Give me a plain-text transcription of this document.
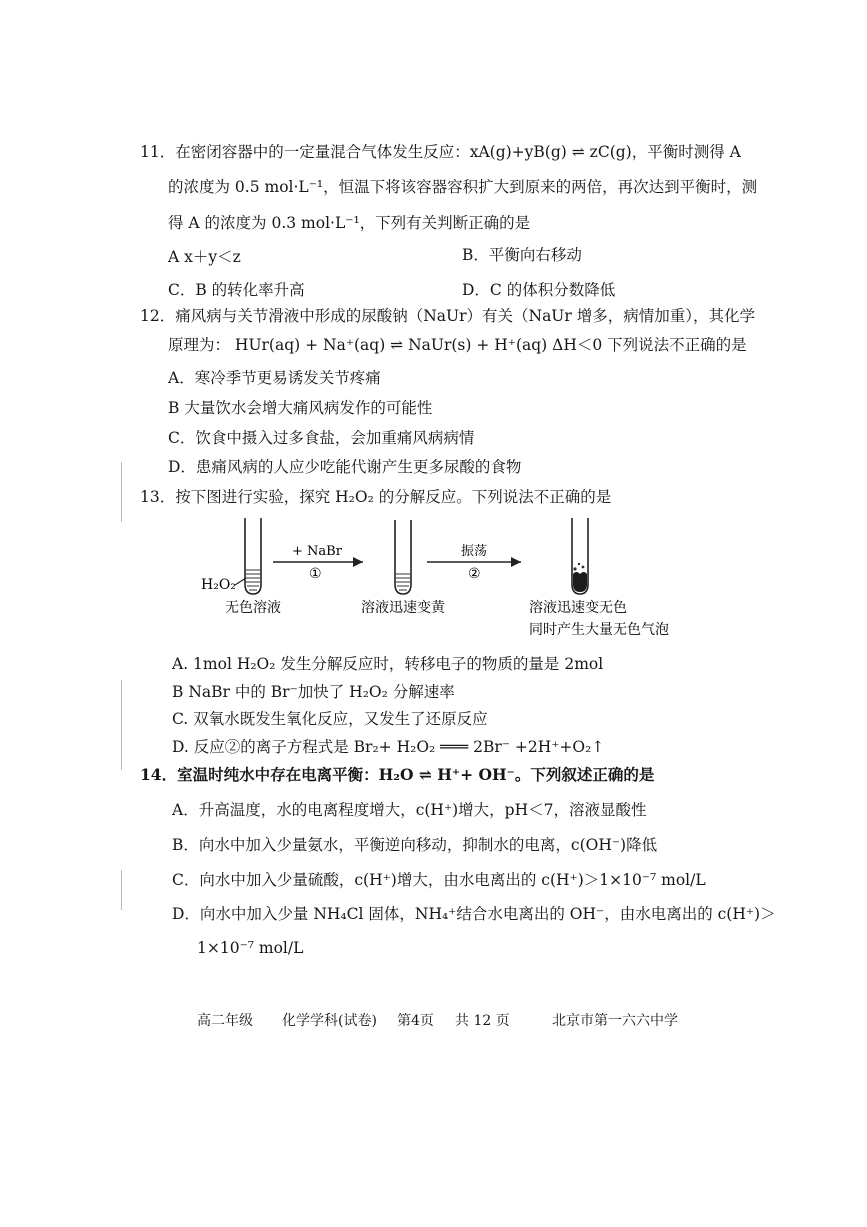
11．在密闭容器中的一定量混合气体发生反应：xA(g)+yB(g) ⇌ zC(g)，平衡时测得 A
的浓度为 0.5 mol·L⁻¹，恒温下将该容器容积扩大到原来的两倍，再次达到平衡时，测
得 A 的浓度为 0.3 mol·L⁻¹，下列有关判断正确的是
A x＋y＜z	B．平衡向右移动
C．B 的转化率升高	D．C 的体积分数降低
12．痛风病与关节滑液中形成的尿酸钠（NaUr）有关（NaUr 增多，病情加重），其化学
原理为： HUr(aq) + Na⁺(aq) ⇌ NaUr(s) + H⁺(aq) ΔH＜0 下列说法不正确的是
A．寒冷季节更易诱发关节疼痛
B 大量饮水会增大痛风病发作的可能性
C．饮食中摄入过多食盐，会加重痛风病病情
D．患痛风病的人应少吃能代谢产生更多尿酸的食物
13．按下图进行实验，探究 H₂O₂ 的分解反应。下列说法不正确的是
H₂O₂
无色溶液
+ NaBr
①
溶液迅速变黄
振荡
②
溶液迅速变无色
同时产生大量无色气泡
A. 1mol H₂O₂ 发生分解反应时，转移电子的物质的量是 2mol
B NaBr 中的 Br⁻加快了 H₂O₂ 分解速率
C. 双氧水既发生氧化反应，又发生了还原反应
D. 反应②的离子方程式是 Br₂+ H₂O₂ ═══ 2Br⁻ +2H⁺+O₂↑
14．室温时纯水中存在电离平衡：H₂O ⇌ H⁺+ OH⁻。下列叙述正确的是
A．升高温度，水的电离程度增大，c(H⁺)增大，pH＜7，溶液显酸性
B．向水中加入少量氨水，平衡逆向移动，抑制水的电离，c(OH⁻)降低
C．向水中加入少量硫酸，c(H⁺)增大，由水电离出的 c(H⁺)＞1×10⁻⁷ mol/L
D．向水中加入少量 NH₄Cl 固体，NH₄⁺结合水电离出的 OH⁻，由水电离出的 c(H⁺)＞
1×10⁻⁷ mol/L
高二年级 化学学科(试卷) 第4页 共 12 页	北京市第一六六中学
